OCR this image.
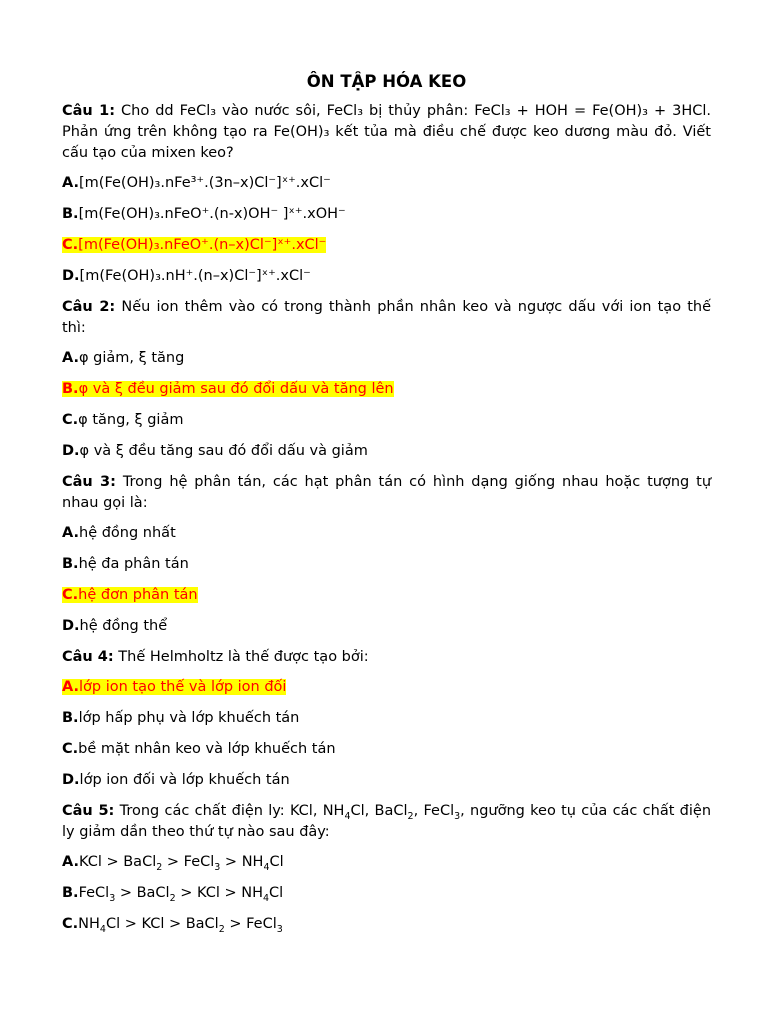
ÔN TẬP HÓA KEO
Câu 1: Cho dd FeCl₃ vào nước sôi, FeCl₃ bị thủy phân: FeCl₃ + HOH = Fe(OH)₃ + 3HCl. Phản ứng trên không tạo ra Fe(OH)₃ kết tủa mà điều chế được keo dương màu đỏ. Viết cấu tạo của mixen keo?
A.[m(Fe(OH)₃.nFe³⁺.(3n–x)Cl⁻]ˣ⁺.xCl⁻
B.[m(Fe(OH)₃.nFeO⁺.(n-x)OH⁻ ]ˣ⁺.xOH⁻
C.[m(Fe(OH)₃.nFeO⁺.(n–x)Cl⁻]ˣ⁺.xCl⁻
D.[m(Fe(OH)₃.nH⁺.(n–x)Cl⁻]ˣ⁺.xCl⁻
Câu 2: Nếu ion thêm vào có trong thành phần nhân keo và ngược dấu với ion tạo thế thì:
A.φ giảm, ξ tăng
B.φ và ξ đều giảm sau đó đổi dấu và tăng lên
C.φ tăng, ξ giảm
D.φ và ξ đều tăng sau đó đổi dấu và giảm
Câu 3: Trong hệ phân tán, các hạt phân tán có hình dạng giống nhau hoặc tượng tự nhau gọi là:
A.hệ đồng nhất
B.hệ đa phân tán
C.hệ đơn phân tán
D.hệ đồng thể
Câu 4: Thế Helmholtz là thế được tạo bởi:
A.lớp ion tạo thế và lớp ion đối
B.lớp hấp phụ và lớp khuếch tán
C.bề mặt nhân keo và lớp khuếch tán
D.lớp ion đối và lớp khuếch tán
Câu 5: Trong các chất điện ly: KCl, $NH_4Cl$, BaCl$_2$, FeCl$_3$, ngưỡng keo tụ của các chất điện ly giảm dần theo thứ tự nào sau đây:
A.KCl > BaCl$_2$ > FeCl$_3$ > $NH_4Cl$
B.FeCl$_3$ > BaCl$_2$ > KCl > $NH_4Cl$
$C.NH_4Cl$ > KCl > BaCl$_2$ > FeCl$_3$
